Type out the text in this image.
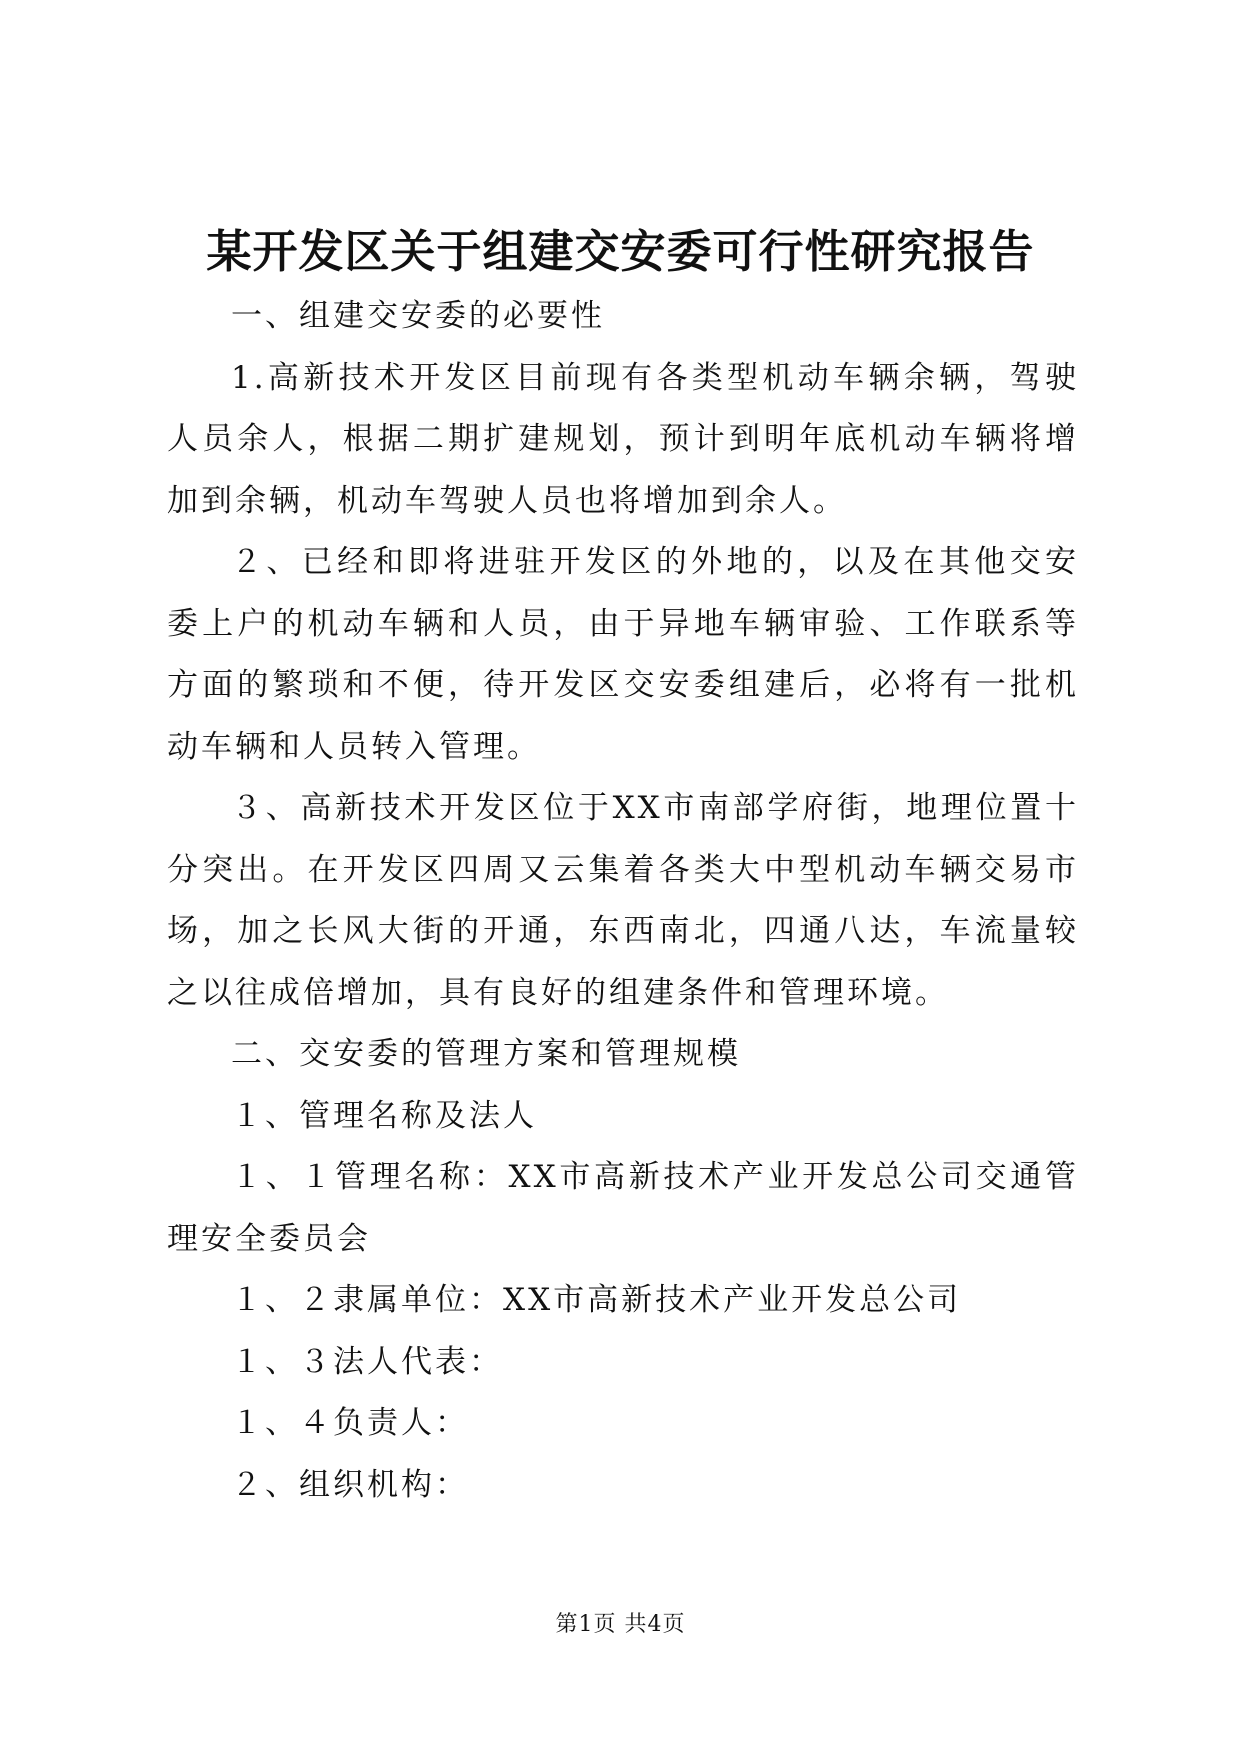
某开发区关于组建交安委可行性研究报告

一、组建交安委的必要性

1.高新技术开发区目前现有各类型机动车辆余辆，驾驶人员余人，根据二期扩建规划，预计到明年底机动车辆将增加到余辆，机动车驾驶人员也将增加到余人。

２、已经和即将进驻开发区的外地的，以及在其他交安委上户的机动车辆和人员，由于异地车辆审验、工作联系等方面的繁琐和不便，待开发区交安委组建后，必将有一批机动车辆和人员转入管理。

３、高新技术开发区位于XX市南部学府街，地理位置十分突出。在开发区四周又云集着各类大中型机动车辆交易市场，加之长风大街的开通，东西南北，四通八达，车流量较之以往成倍增加，具有良好的组建条件和管理环境。

二、交安委的管理方案和管理规模

１、管理名称及法人

１、１管理名称：XX市高新技术产业开发总公司交通管理安全委员会

１、２隶属单位：XX市高新技术产业开发总公司

１、３法人代表：

１、４负责人：

２、组织机构：

第1页 共4页
